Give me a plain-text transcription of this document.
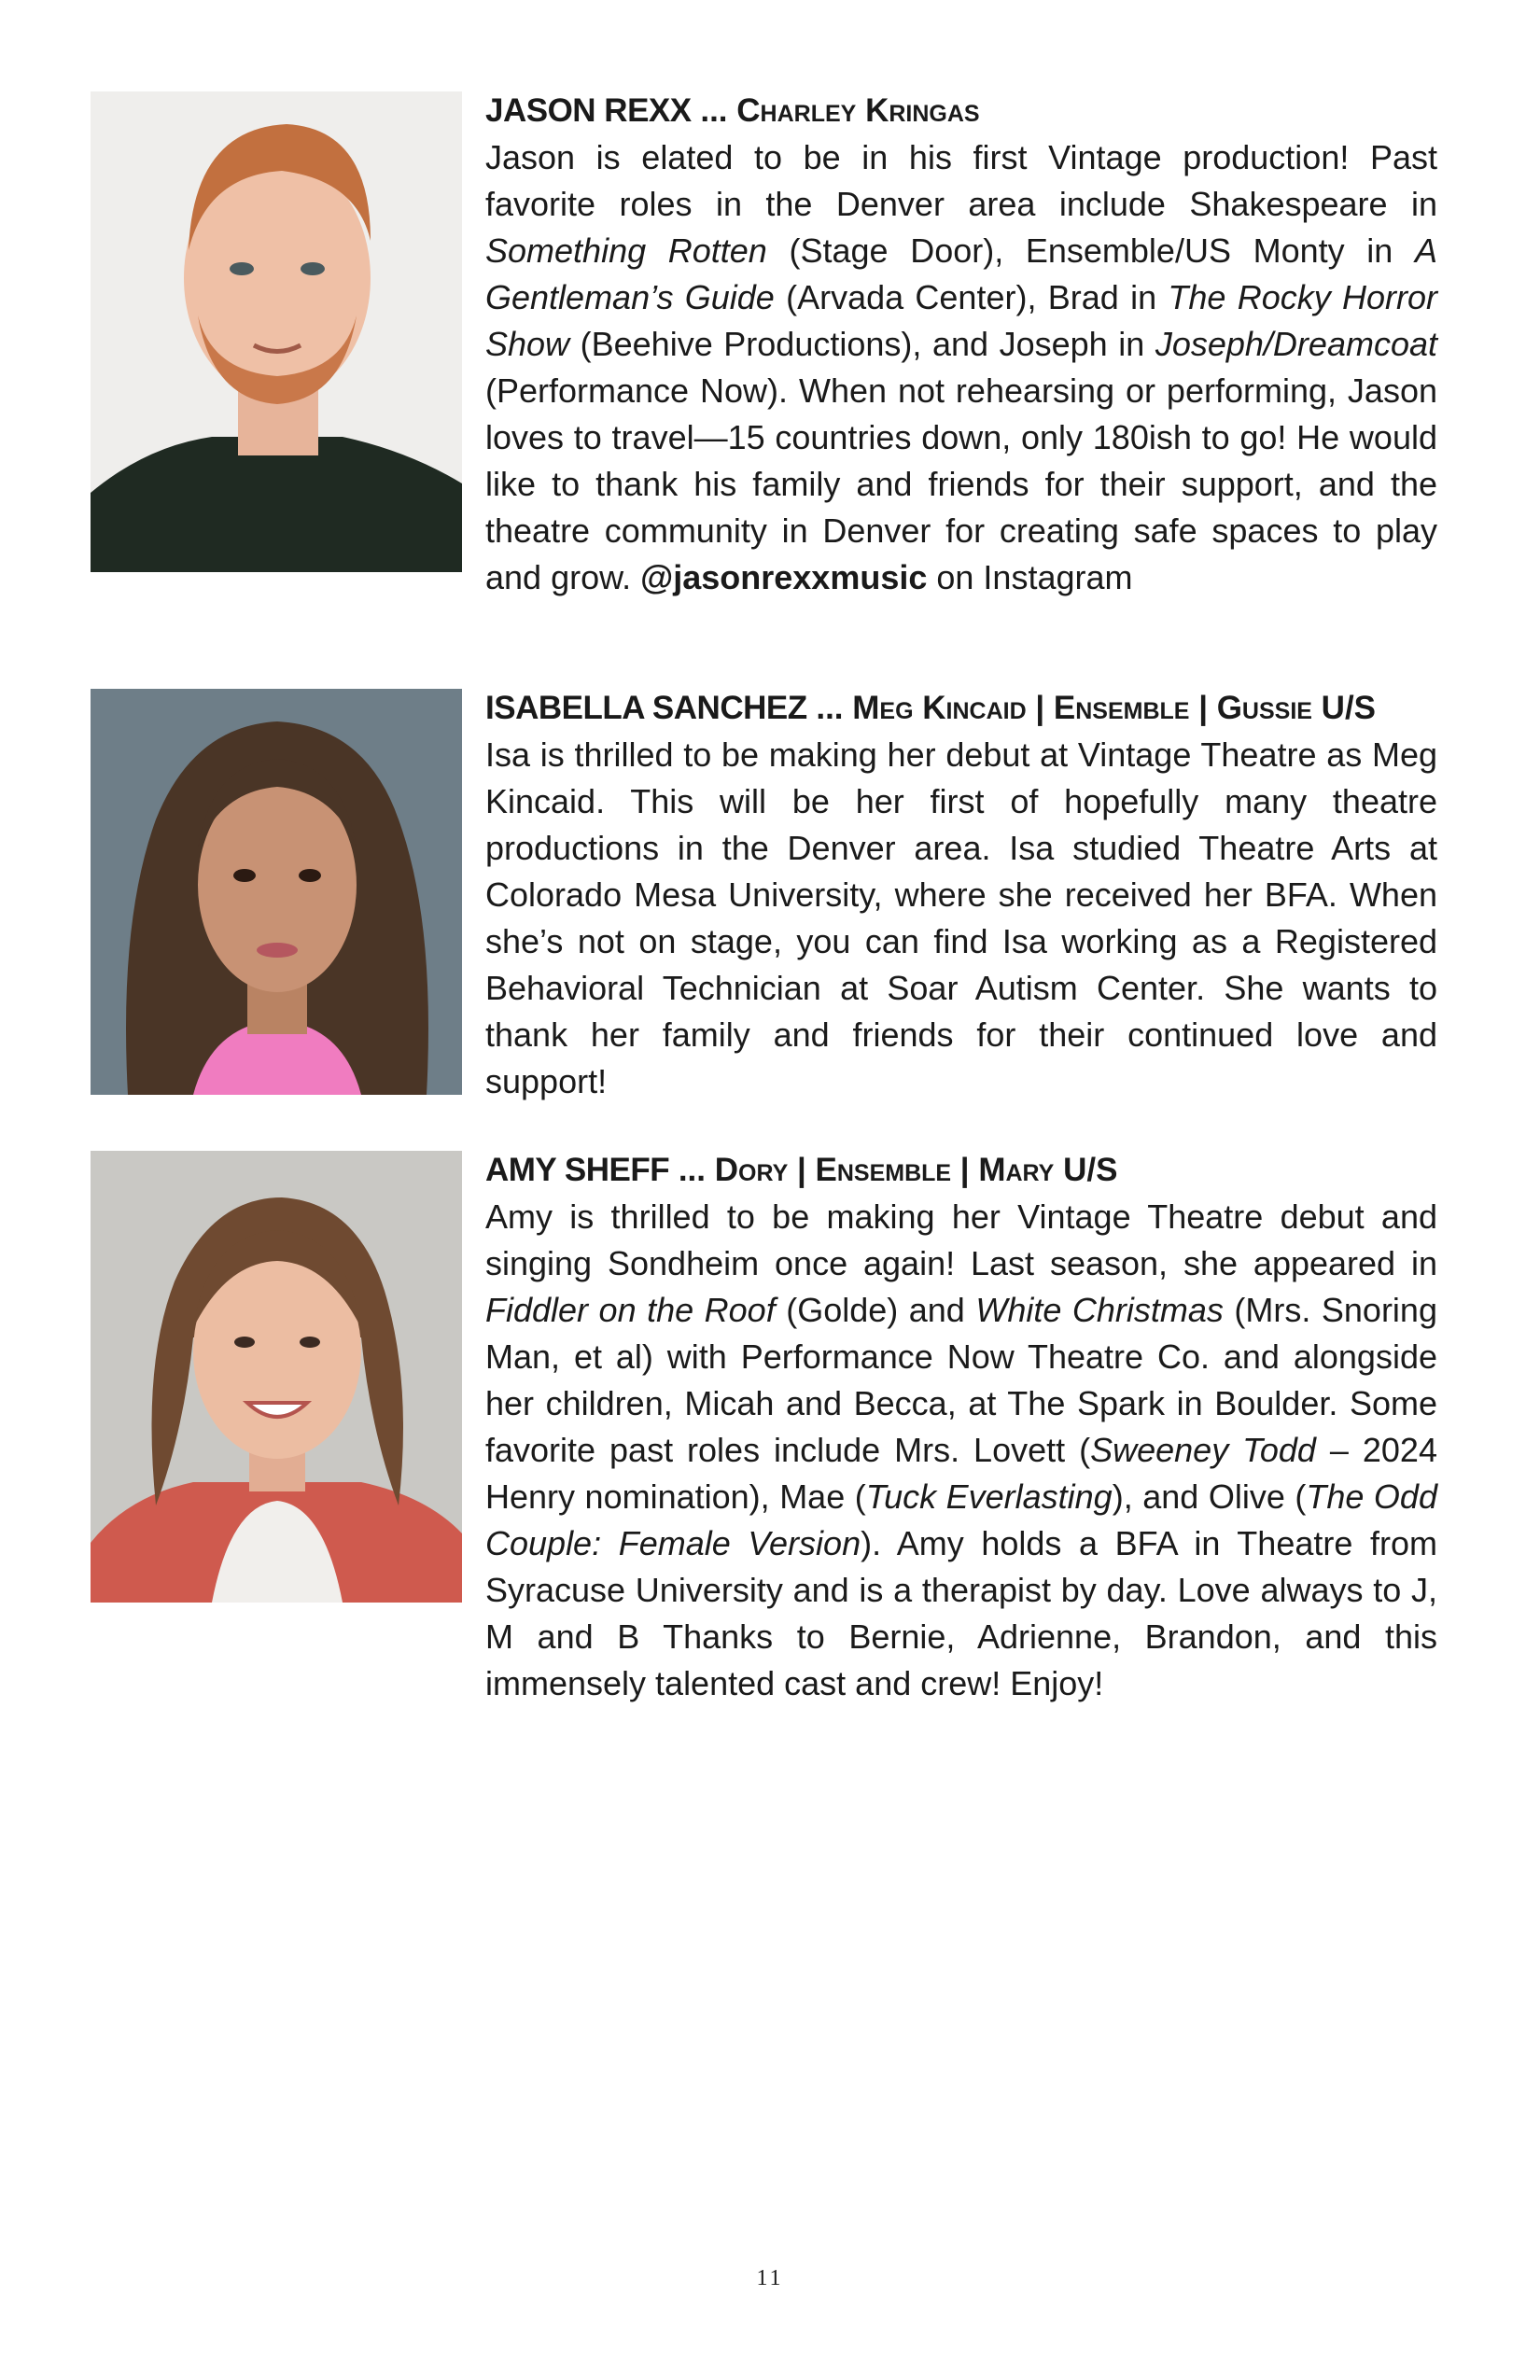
JASON REXX ... Charley Kringas

Jason is elated to be in his first Vintage production! Past favorite roles in the Denver area include Shakespeare in Something Rotten (Stage Door), Ensemble/US Monty in A Gentleman’s Guide (Arvada Center), Brad in The Rocky Horror Show (Beehive Productions), and Joseph in Joseph/Dreamcoat (Performance Now). When not rehearsing or performing, Jason loves to travel—15 countries down, only 180ish to go! He would like to thank his family and friends for their support, and the theatre community in Denver for creating safe spaces to play and grow. @jasonrexxmusic on Instagram

ISABELLA SANCHEZ ... Meg Kincaid | Ensemble | Gussie U/S

Isa is thrilled to be making her debut at Vintage Theatre as Meg Kincaid. This will be her first of hopefully many theatre productions in the Denver area. Isa studied Theatre Arts at Colorado Mesa University, where she received her BFA. When she’s not on stage, you can find Isa working as a Registered Behavioral Technician at Soar Autism Center. She wants to thank her family and friends for their continued love and support!

AMY SHEFF ... Dory | Ensemble | Mary U/S

Amy is thrilled to be making her Vintage Theatre debut and singing Sondheim once again! Last season, she appeared in Fiddler on the Roof (Golde) and White Christmas (Mrs. Snoring Man, et al) with Performance Now Theatre Co. and alongside her children, Micah and Becca, at The Spark in Boulder. Some favorite past roles include Mrs. Lovett (Sweeney Todd – 2024 Henry nomination), Mae (Tuck Everlasting), and Olive (The Odd Couple: Female Version). Amy holds a BFA in Theatre from Syracuse University and is a therapist by day. Love always to J, M and B Thanks to Bernie, Adrienne, Brandon, and this immensely talented cast and crew! Enjoy!

11
